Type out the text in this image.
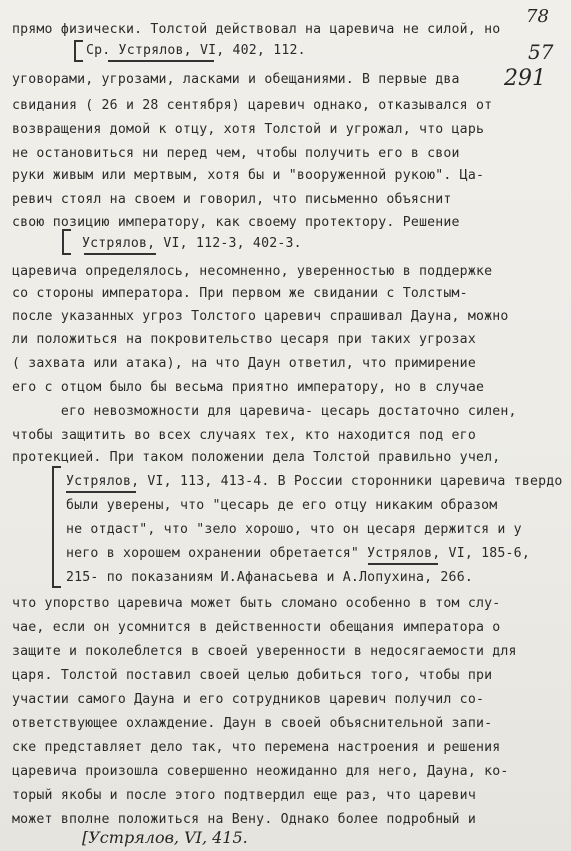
78
57
291
прямо физически. Толстой действовал на царевича не силой, но
Ср. Устрялов, VI, 402, 112.
уговорами, угрозами, ласками и обещаниями. В первые два
свидания ( 26 и 28 сентября) царевич однако, отказывался от
возвращения домой к отцу, хотя Толстой и угрожал, что царь
не остановиться ни перед чем, чтобы получить его в свои
руки живым или мертвым, хотя бы и "вооруженной рукою". Ца-
ревич стоял на своем и говорил, что письменно объяснит
свою позицию императору, как своему протектору. Решение
Устрялов, VI, 112-3, 402-3.
царевича определялось, несомненно, уверенностью в поддержке
со стороны императора. При первом же свидании с Толстым-
после указанных угроз Толстого царевич спрашивал Дауна, можно
ли положиться на покровительство цесаря при таких угрозах
( захвата или атака), на что Даун ответил, что примирение
его с отцом было бы весьма приятно императору, но в случае
его невозможности для царевича- цесарь достаточно силен,
чтобы защитить во всех случаях тех, кто находится под его
протекцией. При таком положении дела Толстой правильно учел,
Устрялов, VI, 113, 413-4. В России сторонники царевича твердо
были уверены, что "цесарь де его отцу никаким образом
не отдаст", что "зело хорошо, что он цесаря держится и у
него в хорошем охранении обретается" Устрялов, VI, 185-6,
215- по показаниям И.Афанасьева и А.Лопухина, 266.
что упорство царевича может быть сломано особенно в том слу-
чае, если он усомнится в действенности обещания императора о
защите и поколеблется в своей уверенности в недосягаемости для
царя. Толстой поставил своей целью добиться того, чтобы при
участии самого Дауна и его сотрудников царевич получил со-
ответствующее охлаждение. Даун в своей объяснительной запи-
ске представляет дело так, что перемена настроения и решения
царевича произошла совершенно неожиданно для него, Дауна, ко-
торый якобы и после этого подтвердил еще раз, что царевич
может вполне положиться на Вену. Однако более подробный и
[Устрялов, VI, 415.
